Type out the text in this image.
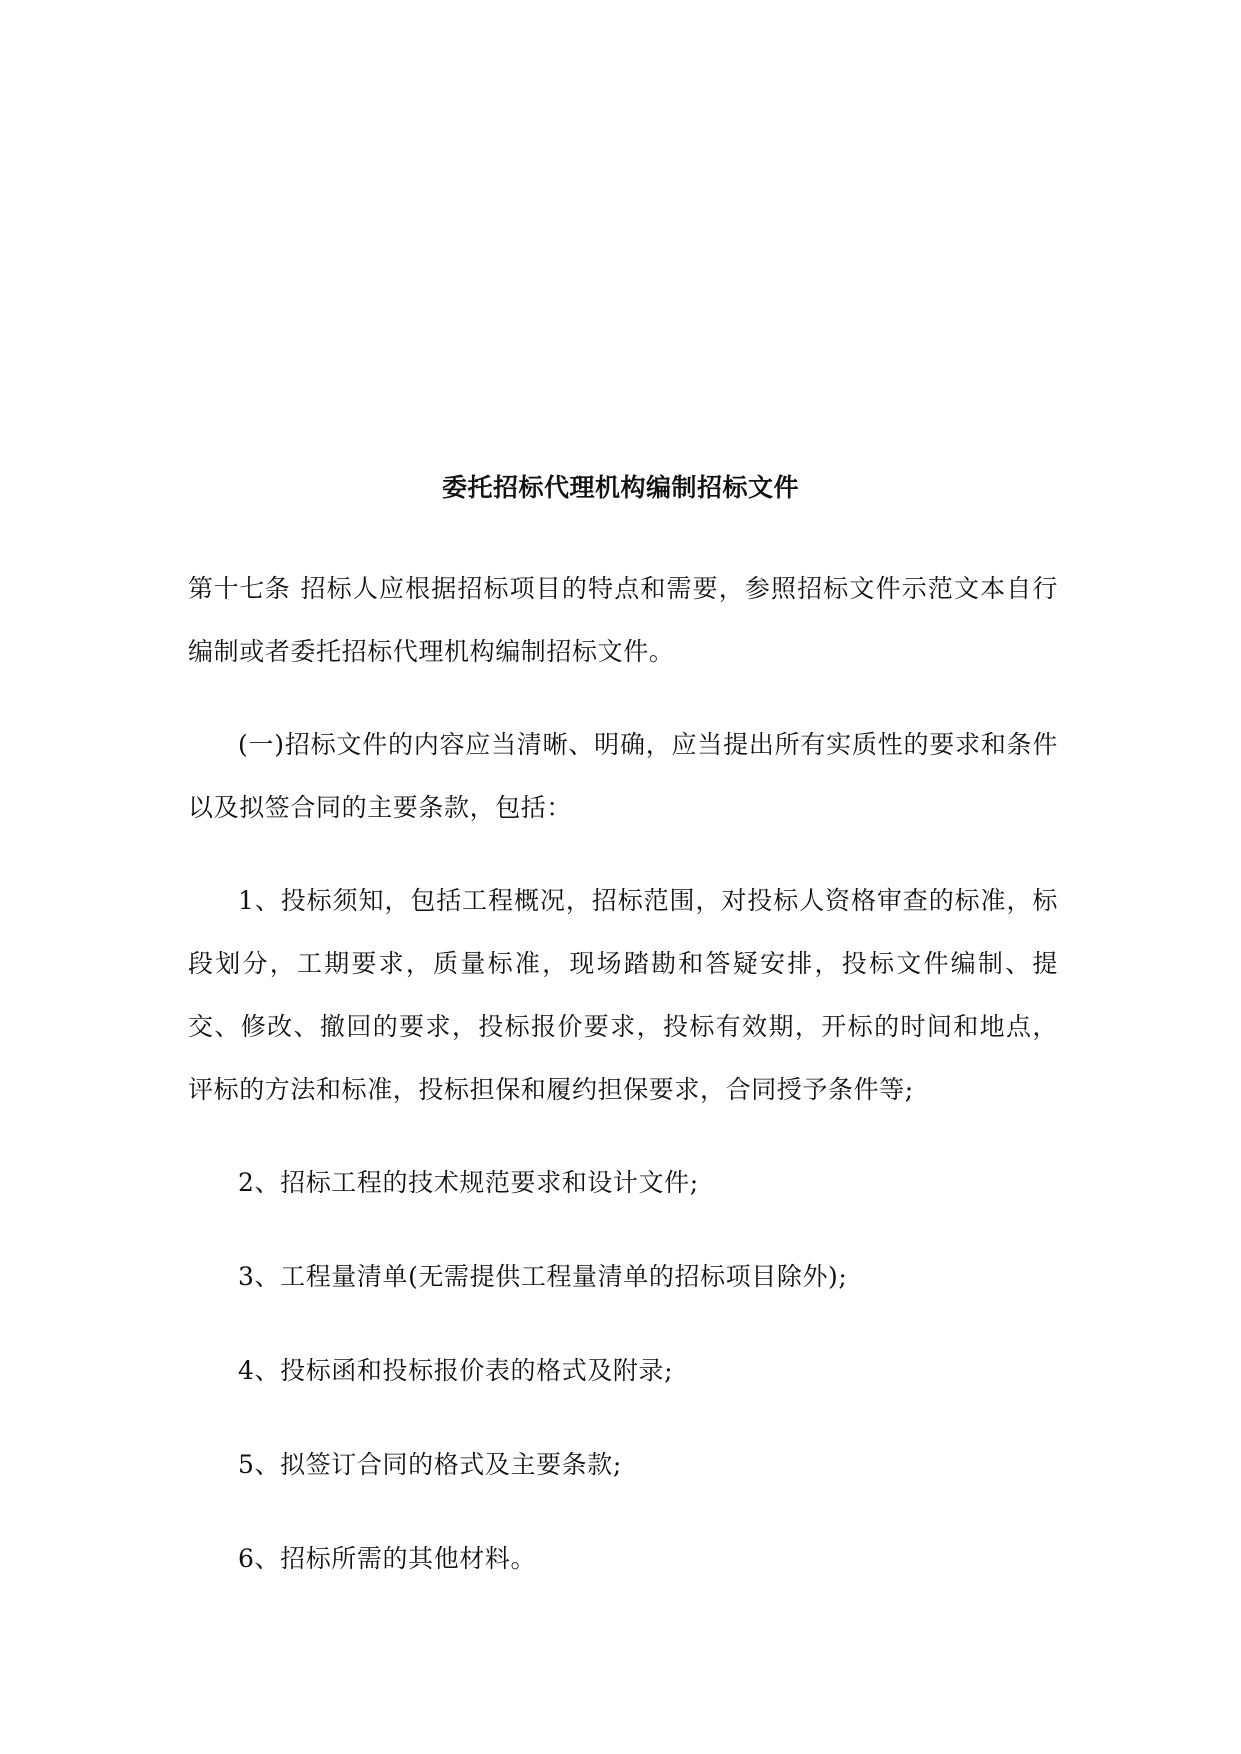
委托招标代理机构编制招标文件

第十七条 招标人应根据招标项目的特点和需要，参照招标文件示范文本自行编制或者委托招标代理机构编制招标文件。

(一)招标文件的内容应当清晰、明确，应当提出所有实质性的要求和条件以及拟签合同的主要条款，包括：

1、投标须知，包括工程概况，招标范围，对投标人资格审查的标准，标段划分，工期要求，质量标准，现场踏勘和答疑安排，投标文件编制、提交、修改、撤回的要求，投标报价要求，投标有效期，开标的时间和地点，评标的方法和标准，投标担保和履约担保要求，合同授予条件等;

2、招标工程的技术规范要求和设计文件;

3、工程量清单(无需提供工程量清单的招标项目除外);

4、投标函和投标报价表的格式及附录;

5、拟签订合同的格式及主要条款;

6、招标所需的其他材料。
